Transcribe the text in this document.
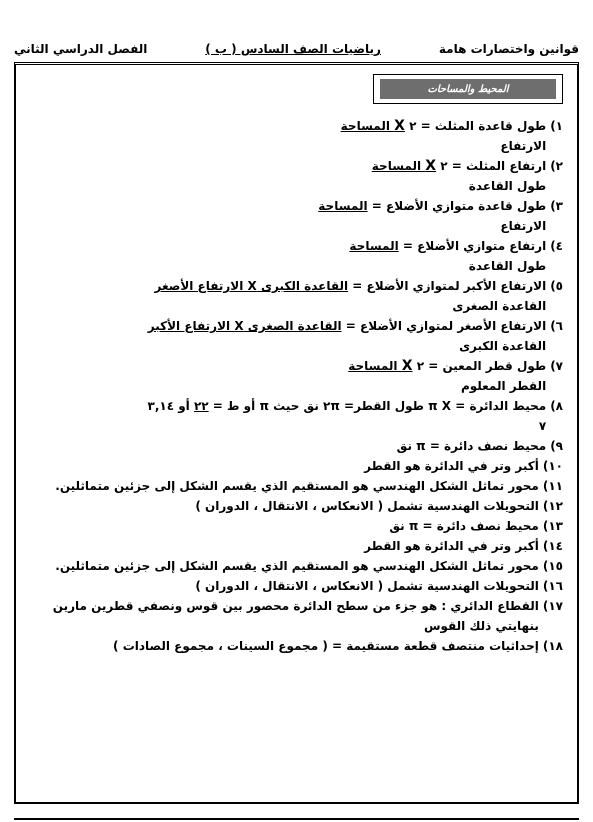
قوانين واختصارات هامة
رياضيات الصف السادس ( ب )
الفصل الدراسي الثاني
المحيط والمساحات
١)
طول قاعدة المثلث = ٢ X المساحة
الارتفاع
٢)
ارتفاع المثلث = ٢ X المساحة
طول القاعدة
٣)
طول قاعدة متوازي الأضلاع = المساحة
الارتفاع
٤)
ارتفاع متوازي الأضلاع = المساحة
طول القاعدة
٥)
الارتفاع الأكبر لمتوازي الأضلاع = القاعدة الكبرى X الارتفاع الأصغر
القاعدة الصغرى
٦)
الارتفاع الأصغر لمتوازي الأضلاع = القاعدة الصغرى X الارتفاع الأكبر
القاعدة الكبرى
٧)
طول قطر المعين = ٢ X المساحة
القطر المعلوم
٨)
محيط الدائرة = π X طول القطر= ٢π نق حيث π أو ط = ٢٢ أو ٣,١٤
٧
٩)
محيط نصف دائرة = π نق
١٠)
أكبر وتر في الدائرة هو القطر
١١)
محور تماثل الشكل الهندسي هو المستقيم الذي يقسم الشكل إلى جزئين متماثلين.
١٢)
التحويلات الهندسية تشمل ( الانعكاس ، الانتقال ، الدوران )
١٣)
محيط نصف دائرة = π نق
١٤)
أكبر وتر في الدائرة هو القطر
١٥)
محور تماثل الشكل الهندسي هو المستقيم الذي يقسم الشكل إلى جزئين متماثلين.
١٦)
التحويلات الهندسية تشمل ( الانعكاس ، الانتقال ، الدوران )
١٧)
القطاع الدائري : هو جزء من سطح الدائرة محصور بين قوس ونصفي قطرين مارين بنهايتي ذلك القوس
١٨)
إحداثيات منتصف قطعة مستقيمة = ( مجموع السينات ، مجموع الصادات )
